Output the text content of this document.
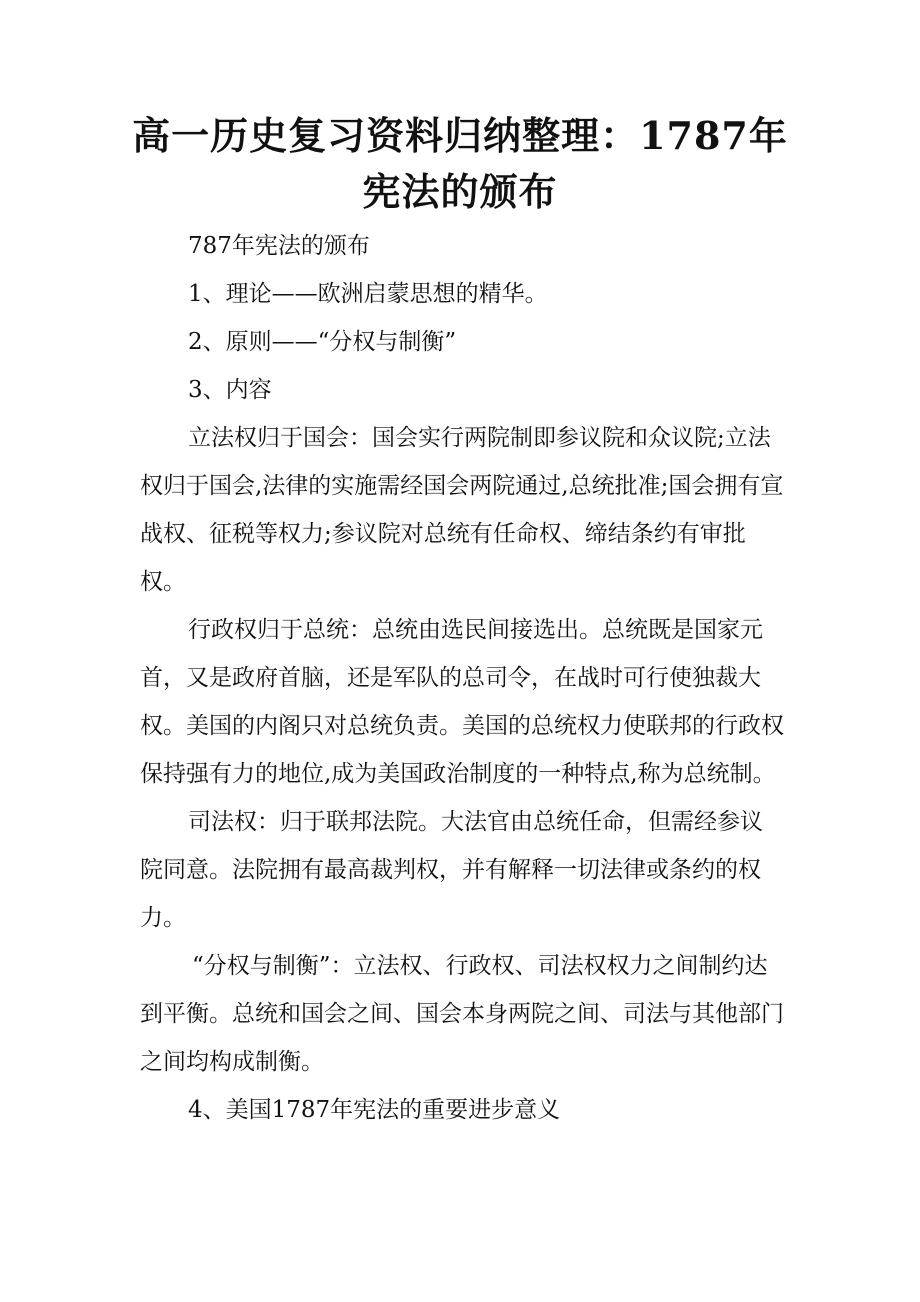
高一历史复习资料归纳整理：1787年宪法的颁布

787年宪法的颁布

1、理论——欧洲启蒙思想的精华。

2、原则——“分权与制衡”

3、内容

立法权归于国会：国会实行两院制即参议院和众议院;立法权归于国会,法律的实施需经国会两院通过,总统批准;国会拥有宣战权、征税等权力;参议院对总统有任命权、缔结条约有审批权。

行政权归于总统：总统由选民间接选出。总统既是国家元首，又是政府首脑，还是军队的总司令，在战时可行使独裁大权。美国的内阁只对总统负责。美国的总统权力使联邦的行政权保持强有力的地位,成为美国政治制度的一种特点,称为总统制。

司法权：归于联邦法院。大法官由总统任命，但需经参议院同意。法院拥有最高裁判权，并有解释一切法律或条约的权力。

“分权与制衡”：立法权、行政权、司法权权力之间制约达到平衡。总统和国会之间、国会本身两院之间、司法与其他部门之间均构成制衡。

4、美国1787年宪法的重要进步意义
